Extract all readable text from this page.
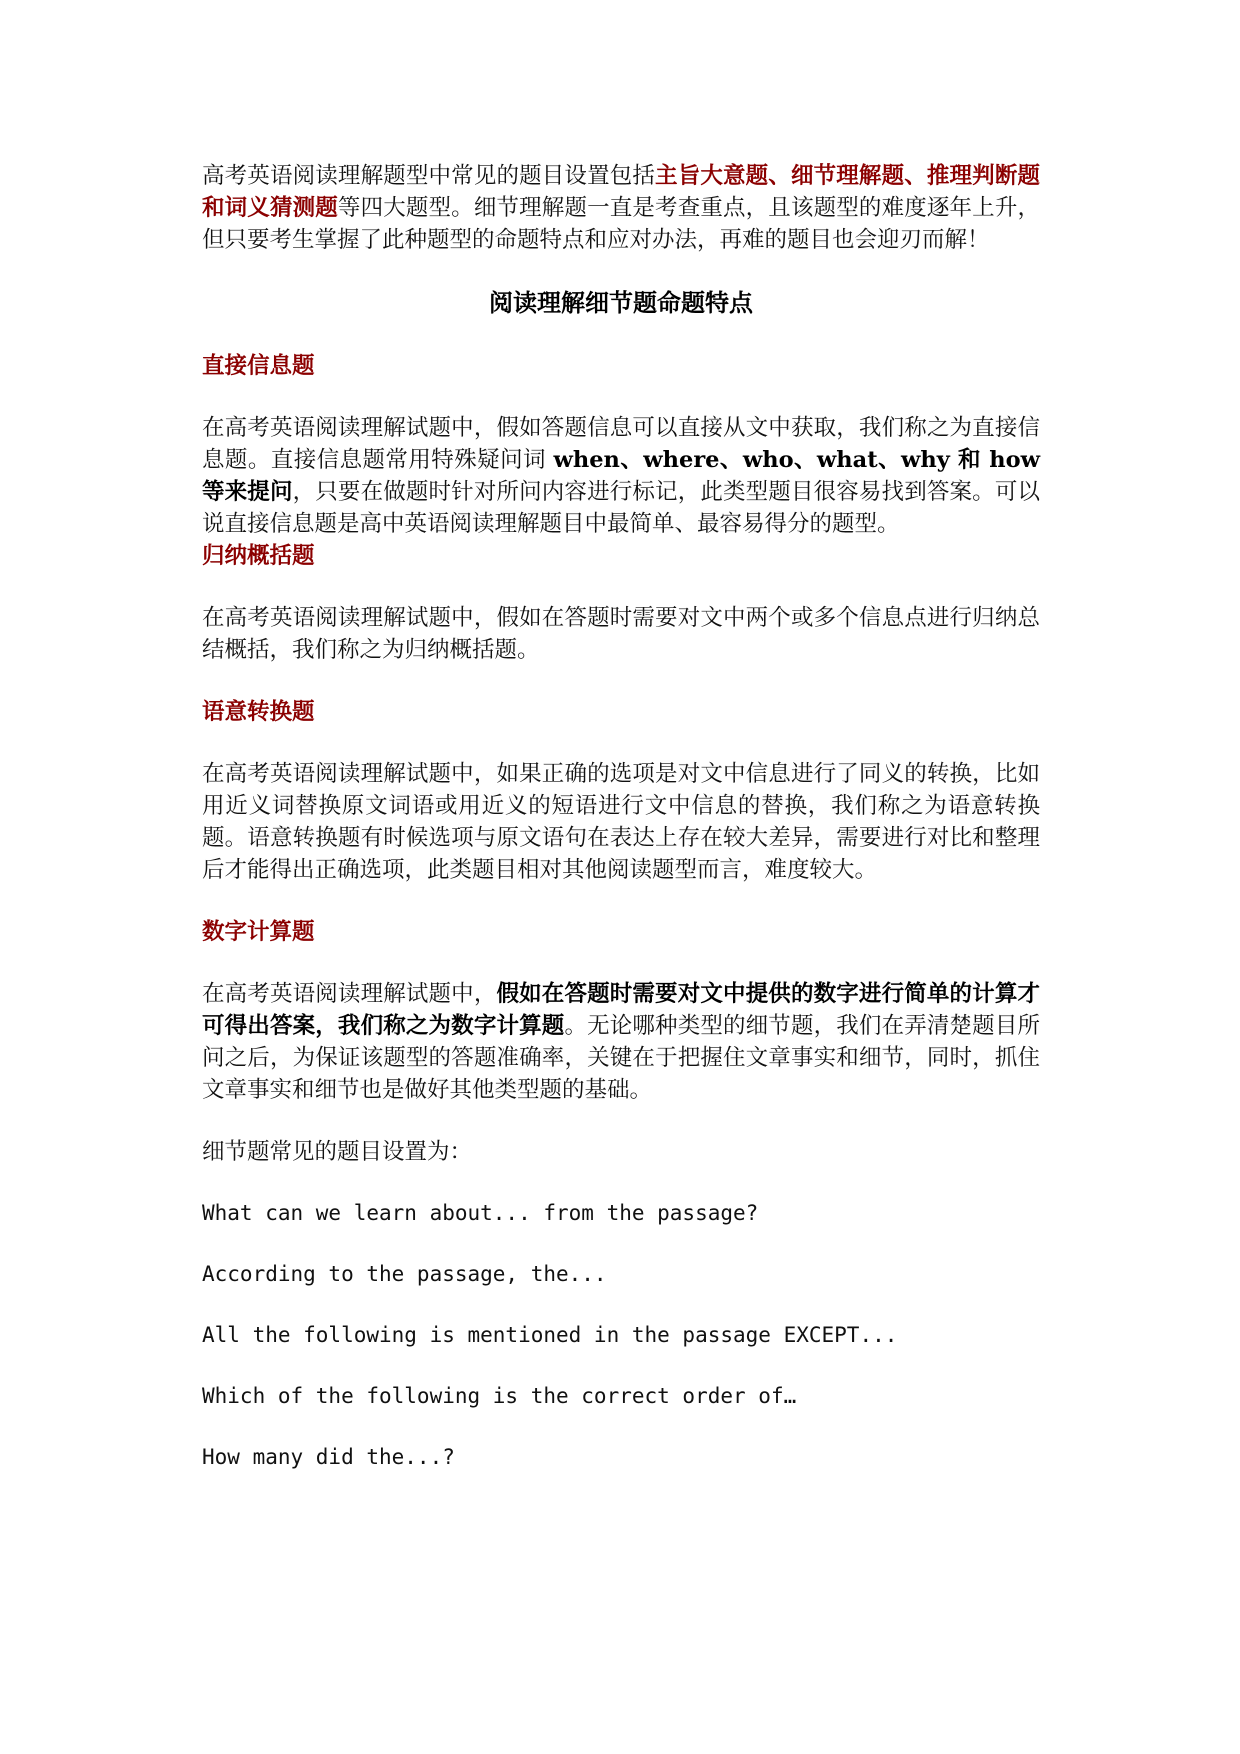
高考英语阅读理解题型中常见的题目设置包括主旨大意题、细节理解题、推理判断题和词义猜测题等四大题型。细节理解题一直是考查重点，且该题型的难度逐年上升，但只要考生掌握了此种题型的命题特点和应对办法，再难的题目也会迎刃而解！

阅读理解细节题命题特点

直接信息题

在高考英语阅读理解试题中，假如答题信息可以直接从文中获取，我们称之为直接信息题。直接信息题常用特殊疑问词 when、where、who、what、why 和 how 等来提问，只要在做题时针对所问内容进行标记，此类型题目很容易找到答案。可以说直接信息题是高中英语阅读理解题目中最简单、最容易得分的题型。

归纳概括题

在高考英语阅读理解试题中，假如在答题时需要对文中两个或多个信息点进行归纳总结概括，我们称之为归纳概括题。

语意转换题

在高考英语阅读理解试题中，如果正确的选项是对文中信息进行了同义的转换，比如用近义词替换原文词语或用近义的短语进行文中信息的替换，我们称之为语意转换题。语意转换题有时候选项与原文语句在表达上存在较大差异，需要进行对比和整理后才能得出正确选项，此类题目相对其他阅读题型而言，难度较大。

数字计算题

在高考英语阅读理解试题中，假如在答题时需要对文中提供的数字进行简单的计算才可得出答案，我们称之为数字计算题。无论哪种类型的细节题，我们在弄清楚题目所问之后，为保证该题型的答题准确率，关键在于把握住文章事实和细节，同时，抓住文章事实和细节也是做好其他类型题的基础。

细节题常见的题目设置为：

What can we learn about... from the passage?

According to the passage, the...

All the following is mentioned in the passage EXCEPT...

Which of the following is the correct order of…

How many did the...?
